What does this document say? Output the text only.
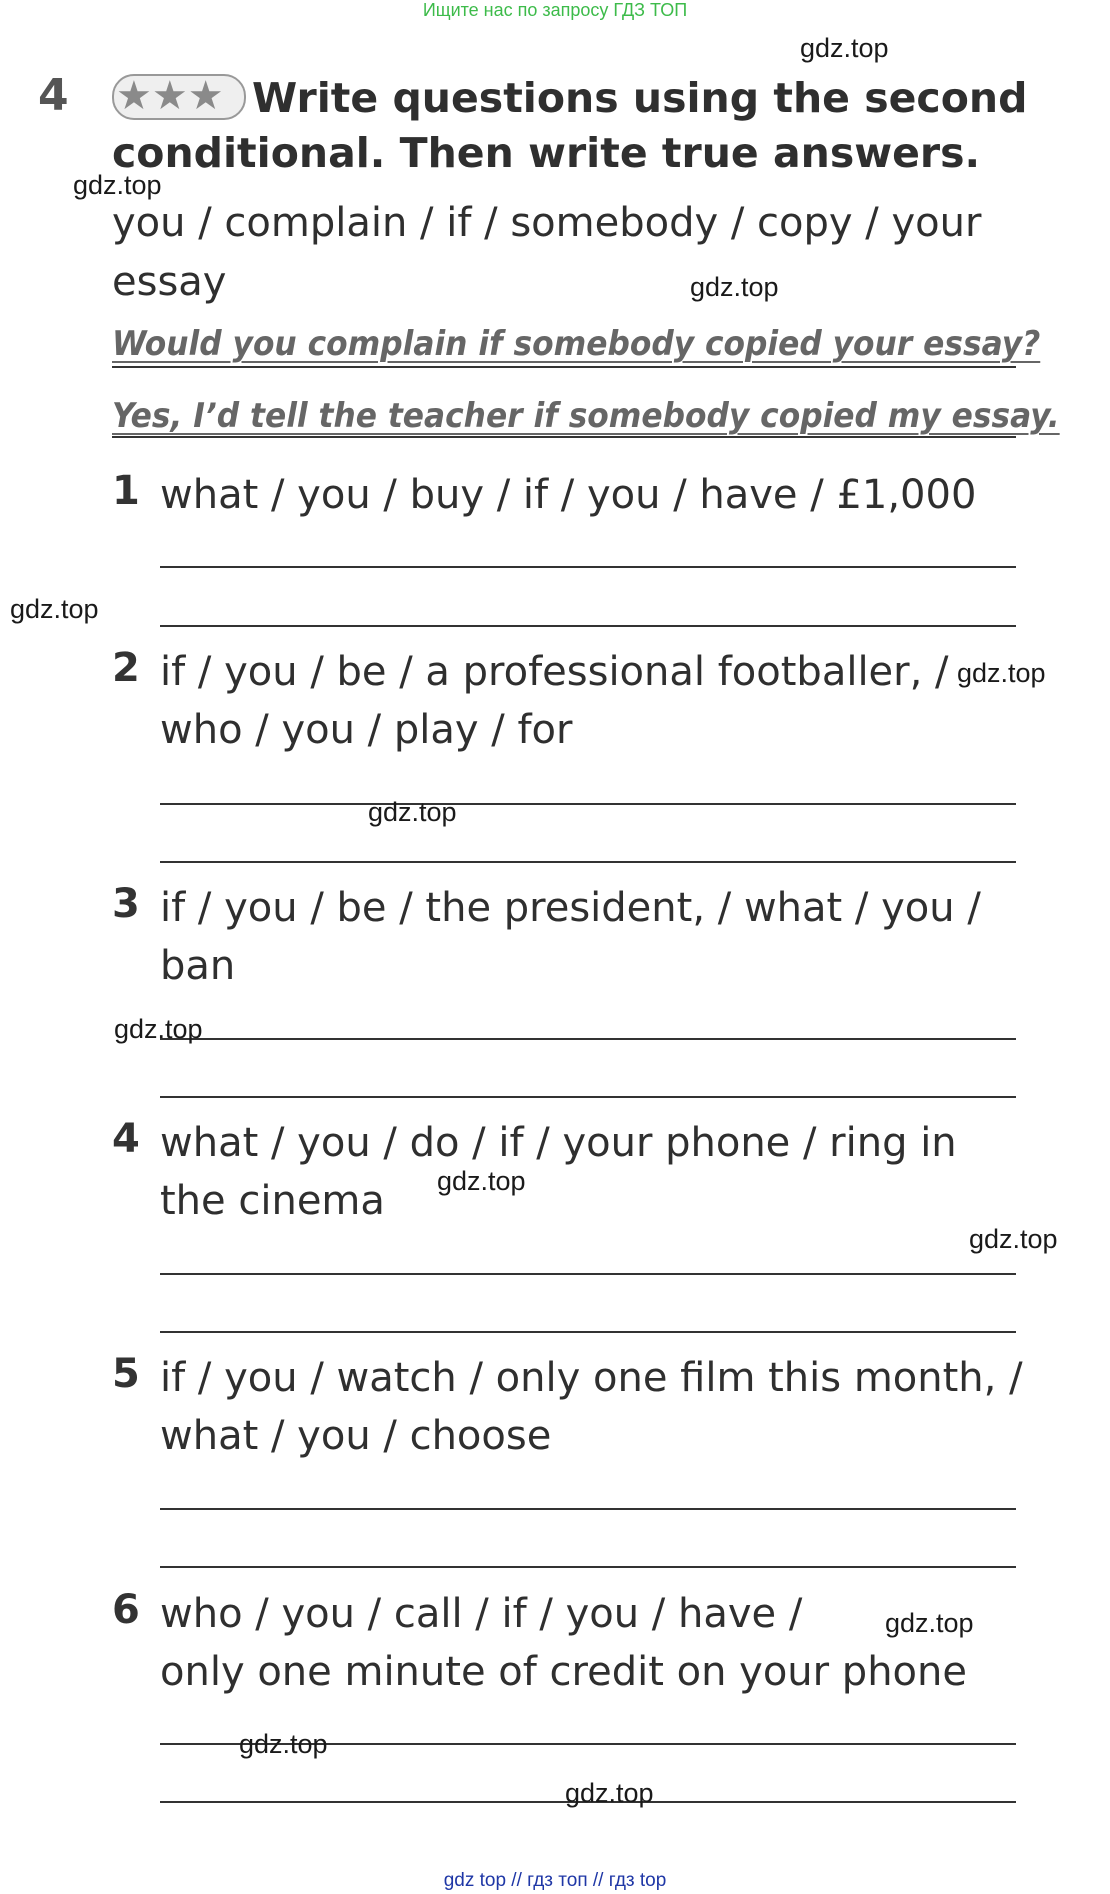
Ищите нас по запросу ГДЗ ТОП
4 ★★★ Write questions using the second
conditional. Then write true answers.
you / complain / if / somebody / copy / your
essay
Would you complain if somebody copied your essay?
Yes, I’d tell the teacher if somebody copied my essay.
1 what / you / buy / if / you / have / £1,000
2 if / you / be / a professional footballer, /
who / you / play / for
3 if / you / be / the president, / what / you /
ban
4 what / you / do / if / your phone / ring in
the cinema
5 if / you / watch / only one film this month, /
what / you / choose
6 who / you / call / if / you / have /
only one minute of credit on your phone
gdz.top
gdz.top
gdz.top
gdz.top
gdz.top
gdz.top
gdz.top
gdz.top
gdz.top
gdz.top
gdz.top
gdz.top
gdz top // гдз топ // гдз top
